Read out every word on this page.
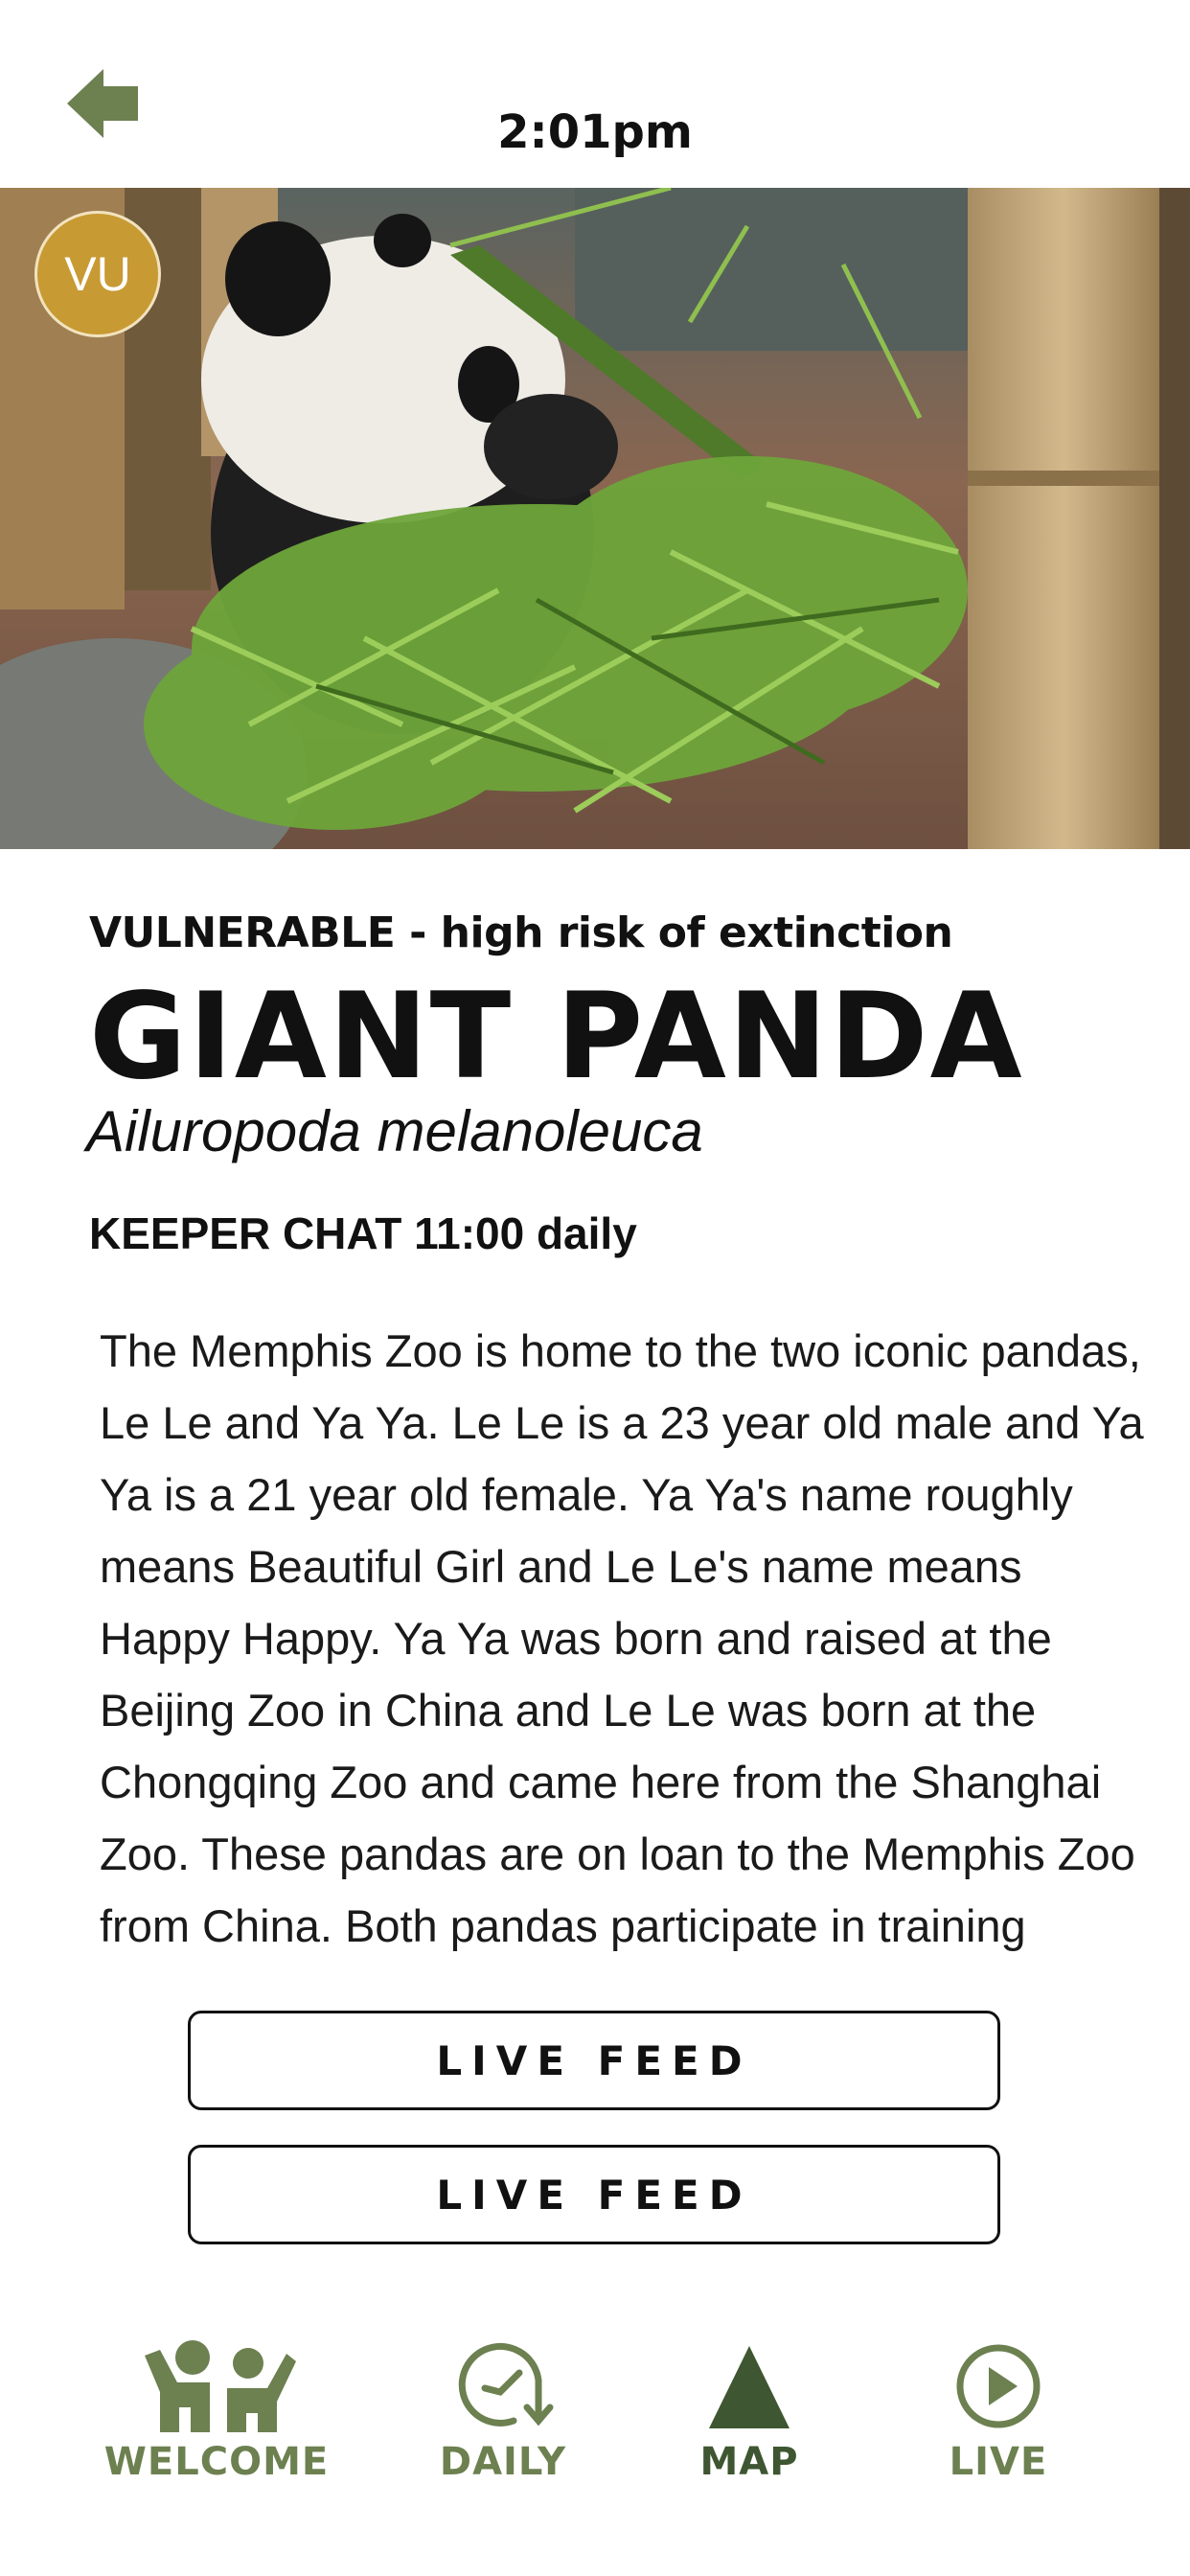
2:01pm
VU
VULNERABLE - high risk of extinction
GIANT PANDA
Ailuropoda melanoleuca
KEEPER CHAT 11:00 daily
The Memphis Zoo is home to the two iconic pandas, Le Le and Ya Ya. Le Le is a 23 year old male and Ya Ya is a 21 year old female. Ya Ya's name roughly means Beautiful Girl and Le Le's name means Happy Happy. Ya Ya was born and raised at the Beijing Zoo in China and Le Le was born at the Chongqing Zoo and came here from the Shanghai Zoo. These pandas are on loan to the Memphis Zoo from China. Both pandas participate in training
LIVE FEED
LIVE FEED
WELCOME	DAILY	MAP	LIVE
